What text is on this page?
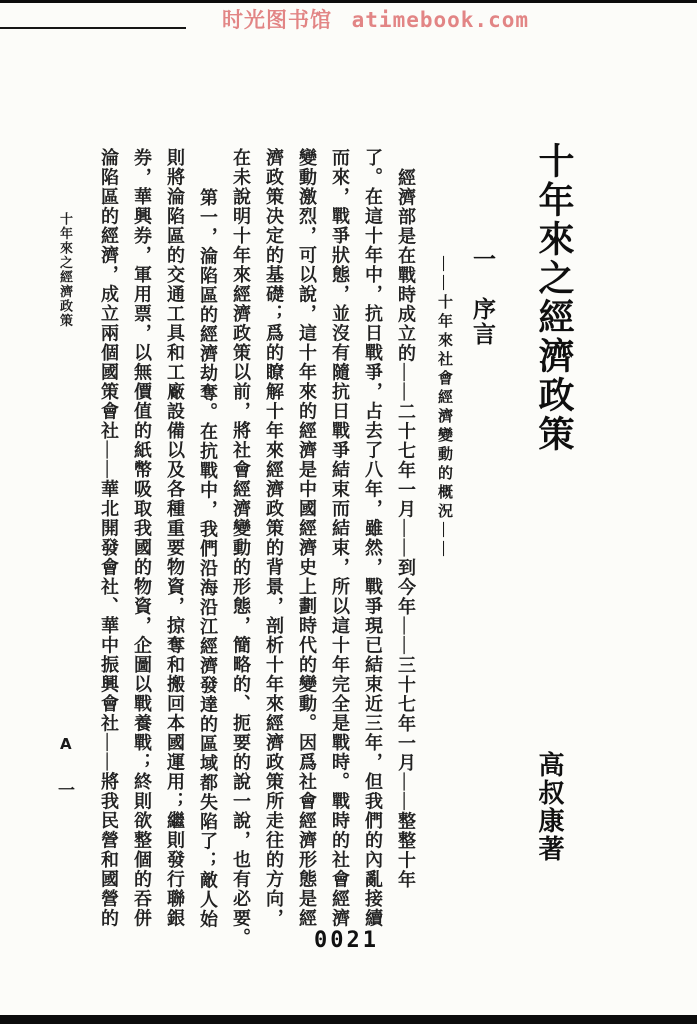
时光图书馆 atimebook.com
十年來之經濟政策
一　序言
——十年來社會經濟變動的概況——
高叔康著
經濟部是在戰時成立的——二十七年一月——到今年——三十七年一月——整整十年
了。在這十年中，抗日戰爭，占去了八年，雖然，戰爭現已結束近三年，但我們的內亂接續
而來，戰爭狀態，並沒有隨抗日戰爭結束而結束，所以這十年完全是戰時。戰時的社會經濟
變動激烈，可以說，這十年來的經濟是中國經濟史上劃時代的變動。因爲社會經濟形態是經
濟政策决定的基礎；爲的瞭解十年來經濟政策的背景，剖析十年來經濟政策所走往的方向，
在未說明十年來經濟政策以前，將社會經濟變動的形態，簡略的、扼要的說一說，也有必要。
第一，淪陷區的經濟劫奪。在抗戰中，我們沿海沿江經濟發達的區域都失陷了；敵人始
則將淪陷區的交通工具和工廠設備以及各種重要物資，掠奪和搬回本國運用；繼則發行聯銀
券，華興券，軍用票，以無價值的紙幣吸取我國的物資，企圖以戰養戰；終則欲整個的吞併
淪陷區的經濟，成立兩個國策會社——華北開發會社、華中振興會社——將我民營和國營的
十年來之經濟政策
A
一
0021
